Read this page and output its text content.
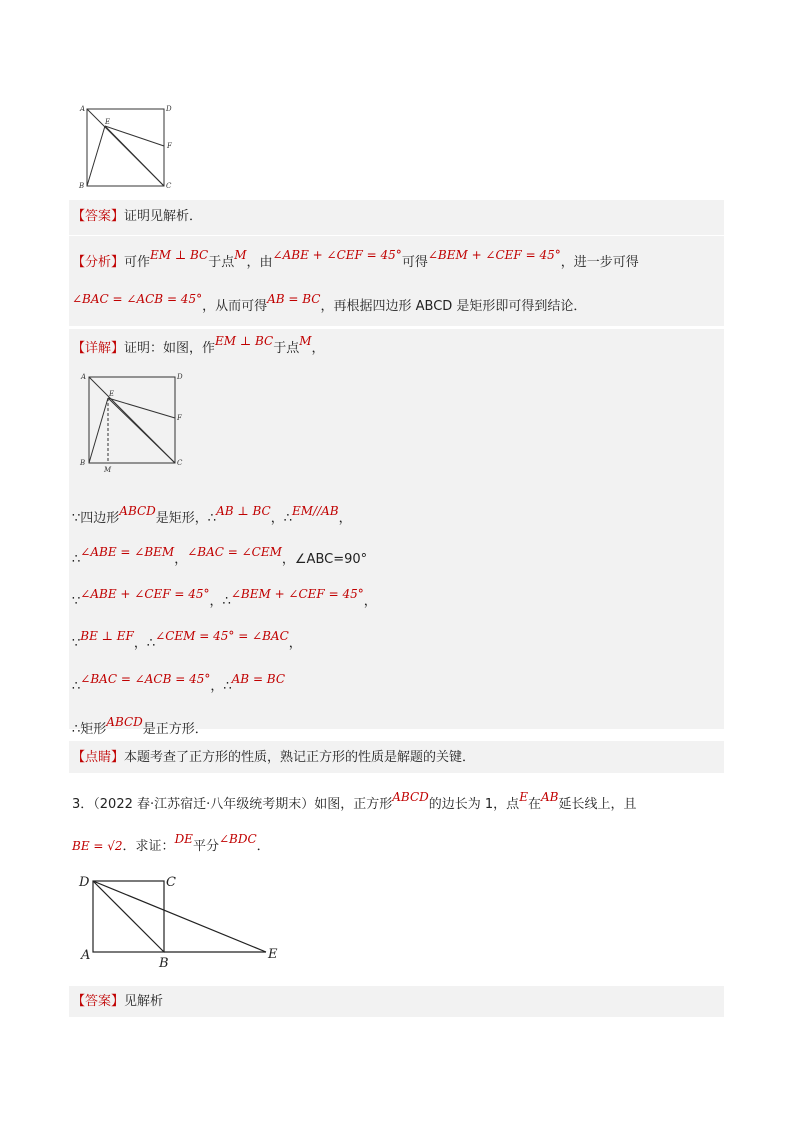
A	D
E
F
B	C
【答案】证明见解析．
【分析】可作EM ⊥ BC于点M，由∠ABE + ∠CEF = 45°可得∠BEM + ∠CEF = 45°，进一步可得
∠BAC = ∠ACB = 45°，从而可得AB = BC，再根据四边形 ABCD 是矩形即可得到结论．
【详解】证明：如图，作EM ⊥ BC于点M，
A	D
E
F
B	C
M
∵四边形ABCD是矩形，∴AB ⊥ BC，∴EM//AB，
∴∠ABE = ∠BEM，∠BAC = ∠CEM，∠ABC=90°
∵∠ABE + ∠CEF = 45°，∴∠BEM + ∠CEF = 45°，
∵BE ⊥ EF，∴∠CEM = 45° = ∠BAC，
∴∠BAC = ∠ACB = 45°，∴AB = BC
∴矩形ABCD是正方形．
【点睛】本题考查了正方形的性质，熟记正方形的性质是解题的关键．
3．（2022 春·江苏宿迁·八年级统考期末）如图，正方形ABCD的边长为 1，点E在AB延长线上，且
BE = √2．求证：DE平分∠BDC．
D	C
A
B
E
【答案】见解析
